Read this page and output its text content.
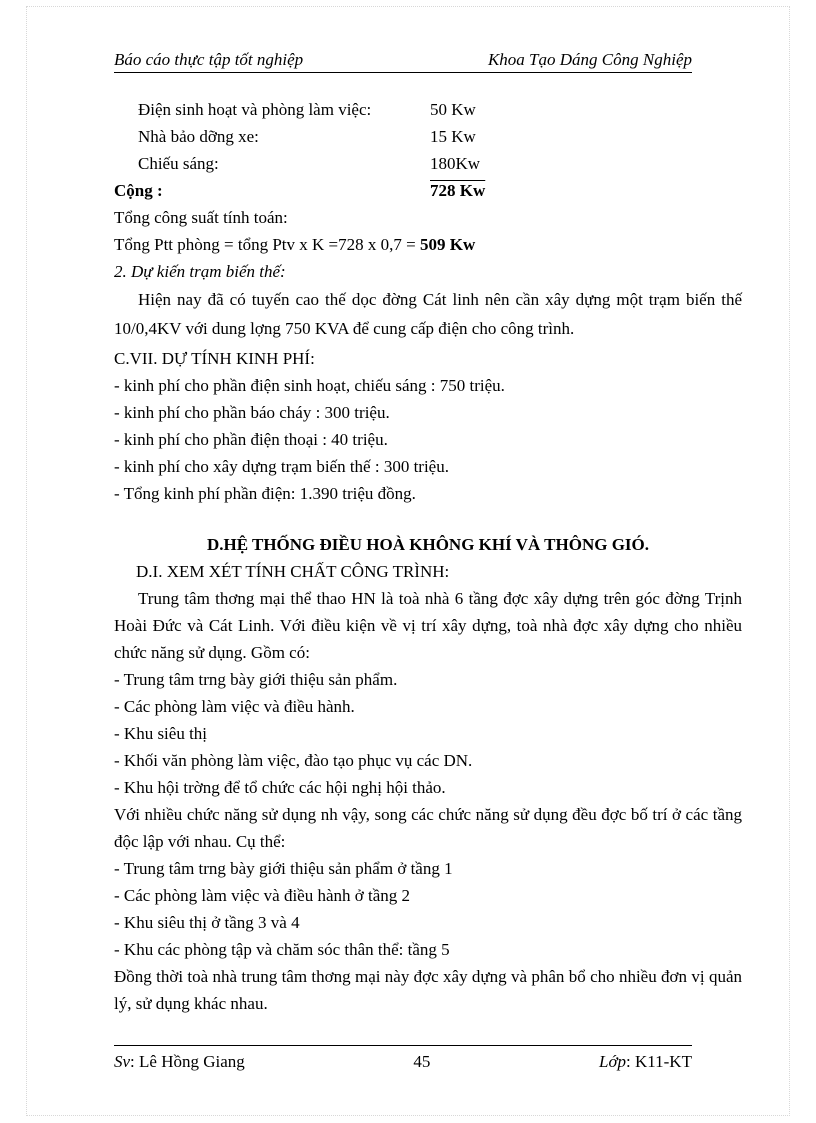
Báo cáo thực tập tốt nghiệp	Khoa Tạo Dáng Công Nghiệp
Điện sinh hoạt và phòng làm việc:	50 Kw
Nhà bảo dỡng xe:	15 Kw
Chiếu sáng:	180Kw
Cộng :	728 Kw

Tổng công suất tính toán:

Tổng Ptt phòng = tổng Ptv x K =728 x 0,7 = 509 Kw

2. Dự kiến trạm biến thế:

Hiện nay đã có tuyến cao thế dọc đờng Cát linh nên cần xây dựng một trạm biến thế 10/0,4KV với dung lợng 750 KVA để cung cấp điện cho công trình.

C.VII. DỰ TÍNH KINH PHÍ:

- kinh phí cho phần điện sinh hoạt, chiếu sáng : 750 triệu.

- kinh phí cho phần báo cháy : 300 triệu.

- kinh phí cho phần điện thoại : 40 triệu.

- kinh phí cho xây dựng trạm biến thế : 300 triệu.

- Tổng kinh phí phần điện: 1.390 triệu đồng.

D.HỆ THỐNG ĐIỀU HOÀ KHÔNG KHÍ VÀ THÔNG GIÓ.

D.I. XEM XÉT TÍNH CHẤT CÔNG TRÌNH:

Trung tâm thơng mại thể thao HN là toà nhà 6 tầng đợc xây dựng trên góc đờng Trịnh Hoài Đức và Cát Linh. Với điều kiện về vị trí xây dựng, toà nhà đợc xây dựng cho nhiều chức năng sử dụng. Gồm có:

- Trung tâm trng bày giới thiệu sản phẩm.

- Các phòng làm việc và điều hành.

- Khu siêu thị

- Khối văn phòng làm việc, đào tạo phục vụ các DN.

- Khu hội trờng để tổ chức các hội nghị hội thảo.

Với nhiều chức năng sử dụng nh vậy, song các chức năng sử dụng đều đợc bố trí ở các tầng độc lập với nhau. Cụ thể:

- Trung tâm trng bày giới thiệu sản phẩm ở tầng 1

- Các phòng làm việc và điều hành ở tầng 2

- Khu siêu thị ở tầng 3 và 4

- Khu các phòng tập và chăm sóc thân thể: tầng 5

Đồng thời toà nhà trung tâm thơng mại này đợc xây dựng và phân bổ cho nhiều đơn vị quản lý, sử dụng khác nhau.

Sv: Lê Hồng Giang	45	Lớp: K11-KT
